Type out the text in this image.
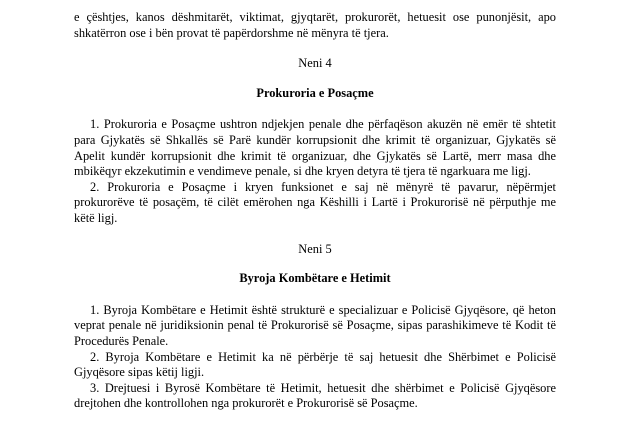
e çështjes, kanos dëshmitarët, viktimat, gjyqtarët, prokurorët, hetuesit ose punonjësit, apo shkatërron ose i bën provat të papërdorshme në mënyra të tjera.

Neni 4

Prokuroria e Posaçme

1. Prokuroria e Posaçme ushtron ndjekjen penale dhe përfaqëson akuzën në emër të shtetit para Gjykatës së Shkallës së Parë kundër korrupsionit dhe krimit të organizuar, Gjykatës së Apelit kundër korrupsionit dhe krimit të organizuar, dhe Gjykatës së Lartë, merr masa dhe mbikëqyr ekzekutimin e vendimeve penale, si dhe kryen detyra të tjera të ngarkuara me ligj.

2. Prokuroria e Posaçme i kryen funksionet e saj në mënyrë të pavarur, nëpërmjet prokurorëve të posaçëm, të cilët emërohen nga Këshilli i Lartë i Prokurorisë në përputhje me këtë ligj.

Neni 5

Byroja Kombëtare e Hetimit

1. Byroja Kombëtare e Hetimit është strukturë e specializuar e Policisë Gjyqësore, që heton veprat penale në juridiksionin penal të Prokurorisë së Posaçme, sipas parashikimeve të Kodit të Procedurës Penale.

2. Byroja Kombëtare e Hetimit ka në përbërje të saj hetuesit dhe Shërbimet e Policisë Gjyqësore sipas këtij ligji.

3. Drejtuesi i Byrosë Kombëtare të Hetimit, hetuesit dhe shërbimet e Policisë Gjyqësore drejtohen dhe kontrollohen nga prokurorët e Prokurorisë së Posaçme.
